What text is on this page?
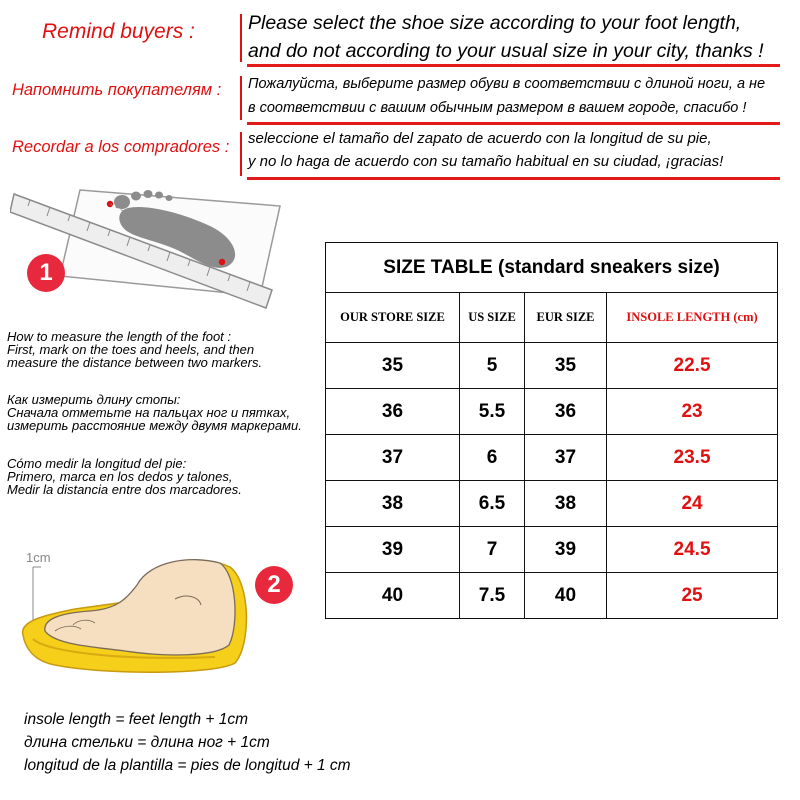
Remind buyers :	Please select the shoe size according to your foot length,
and do not according to your usual size in your city, thanks !
Напомнить покупателям : Пожалуйста, выберите размер обуви в соответствии с длиной ноги, а не
в соответствии с вашим обычным размером в вашем городе, спасибо !
Recordar a los compradores : seleccione el tamaño del zapato de acuerdo con la longitud de su pie,
y no lo haga de acuerdo con su tamaño habitual en su ciudad, ¡gracias!
1
How to measure the length of the foot :
First, mark on the toes and heels, and then
measure the distance between two markers.
Как измерить длину стопы:
Сначала отметьте на пальцах ног и пятках,
измерить расстояние между двумя маркерами.
Cómo medir la longitud del pie:
Primero, marca en los dedos y talones,
Medir la distancia entre dos marcadores.
1cm
2
insole length = feet length + 1cm
длина стельки = длина ног + 1cm
longitud de la plantilla = pies de longitud + 1 cm
SIZE TABLE (standard sneakers size)			
OUR STORE SIZE	US SIZE	EUR SIZE	INSOLE LENGTH (cm)
35	5	35	22.5
36	5.5	36	23
37	6	37	23.5
38	6.5	38	24
39	7	39	24.5
40	7.5	40	25
